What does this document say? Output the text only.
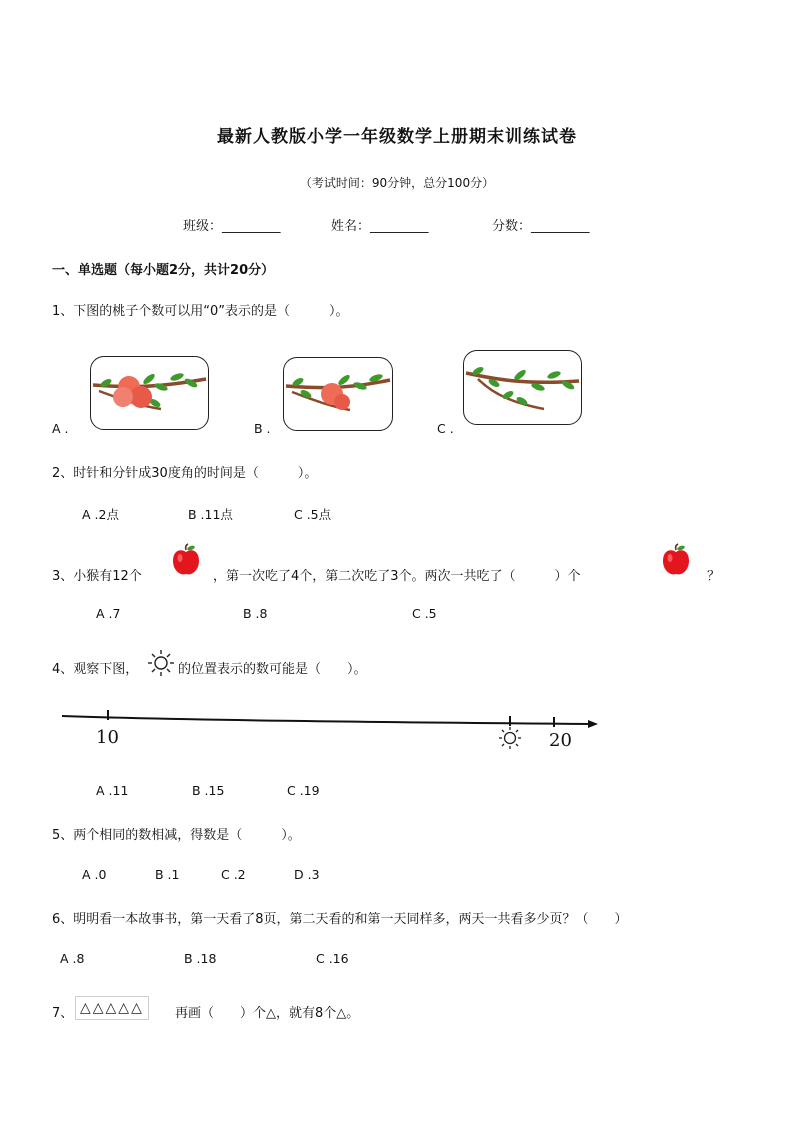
最新人教版小学一年级数学上册期末训练试卷
（考试时间：90分钟，总分100分）
班级：_________	姓名：_________	分数：_________
一、单选题（每小题2分，共计20分）
1、下图的桃子个数可以用“0”表示的是（　　　）。
A .	B .	C .
2、时针和分针成30度角的时间是（　　　）。
A .2点	B .11点	C .5点
3、小猴有12个	，第一次吃了4个，第二次吃了3个。两次一共吃了（　　　）个	？
A .7	B .8	C .5
4、观察下图，	的位置表示的数可能是（　　）。
10	20
A .11	B .15	C .19
5、两个相同的数相减，得数是（　　　）。
A .0	B .1	C .2	D .3
6、明明看一本故事书，第一天看了8页，第二天看的和第一天同样多，两天一共看多少页？（　　）
A .8	B .18	C .16
7、 △△△△△	再画（　　）个△，就有8个△。
